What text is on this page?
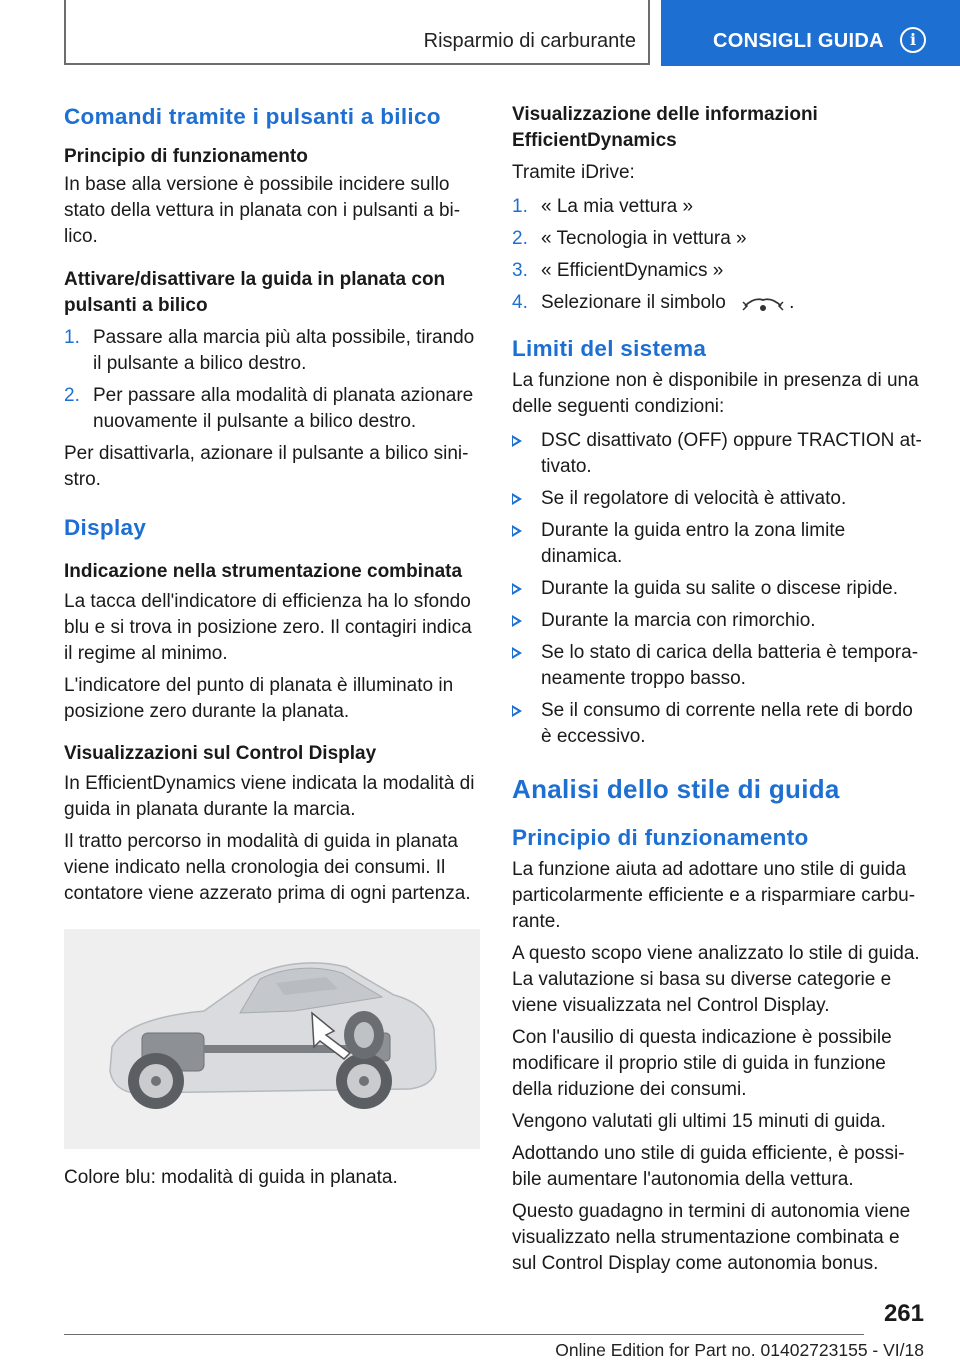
Risparmio di carburante	CONSIGLI GUIDA	i
Comandi tramite i pulsanti a bilico
Principio di funzionamento

In base alla versione è possibile incidere sullo stato della vettura in planata con i pulsanti a bi-lico.

Attivare/disattivare la guida in planata con pulsanti a bilico
1. Passare alla marcia più alta possibile, tirando il pulsante a bilico destro.
2. Per passare alla modalità di planata azionare nuovamente il pulsante a bilico destro.

Per disattivarla, azionare il pulsante a bilico sini-stro.

Display
Indicazione nella strumentazione combinata

La tacca dell'indicatore di efficienza ha lo sfondo blu e si trova in posizione zero. Il contagiri indica il regime al minimo.

L'indicatore del punto di planata è illuminato in posizione zero durante la planata.

Visualizzazioni sul Control Display

In EfficientDynamics viene indicata la modalità di guida in planata durante la marcia.

Il tratto percorso in modalità di guida in planata viene indicato nella cronologia dei consumi. Il contatore viene azzerato prima di ogni partenza.

Colore blu: modalità di guida in planata.

Visualizzazione delle informazioni EfficientDynamics

Tramite iDrive:

1. « La mia vettura »
2. « Tecnologia in vettura »
3. « EfficientDynamics »
4. Selezionare il simbolo	.
Limiti del sistema

La funzione non è disponibile in presenza di una delle seguenti condizioni:

DSC disattivato (OFF) oppure TRACTION at-tivato.
Se il regolatore di velocità è attivato.
Durante la guida entro la zona limite dinamica.
Durante la guida su salite o discese ripide.
Durante la marcia con rimorchio.
Se lo stato di carica della batteria è tempora-neamente troppo basso.
Se il consumo di corrente nella rete di bordo è eccessivo.
Analisi dello stile di guida
Principio di funzionamento

La funzione aiuta ad adottare uno stile di guida particolarmente efficiente e a risparmiare carbu-rante.

A questo scopo viene analizzato lo stile di guida. La valutazione si basa su diverse categorie e viene visualizzata nel Control Display.

Con l'ausilio di questa indicazione è possibile modificare il proprio stile di guida in funzione della riduzione dei consumi.

Vengono valutati gli ultimi 15 minuti di guida.

Adottando uno stile di guida efficiente, è possi-bile aumentare l'autonomia della vettura.

Questo guadagno in termini di autonomia viene visualizzato nella strumentazione combinata e sul Control Display come autonomia bonus.

261
Online Edition for Part no. 01402723155 - VI/18
